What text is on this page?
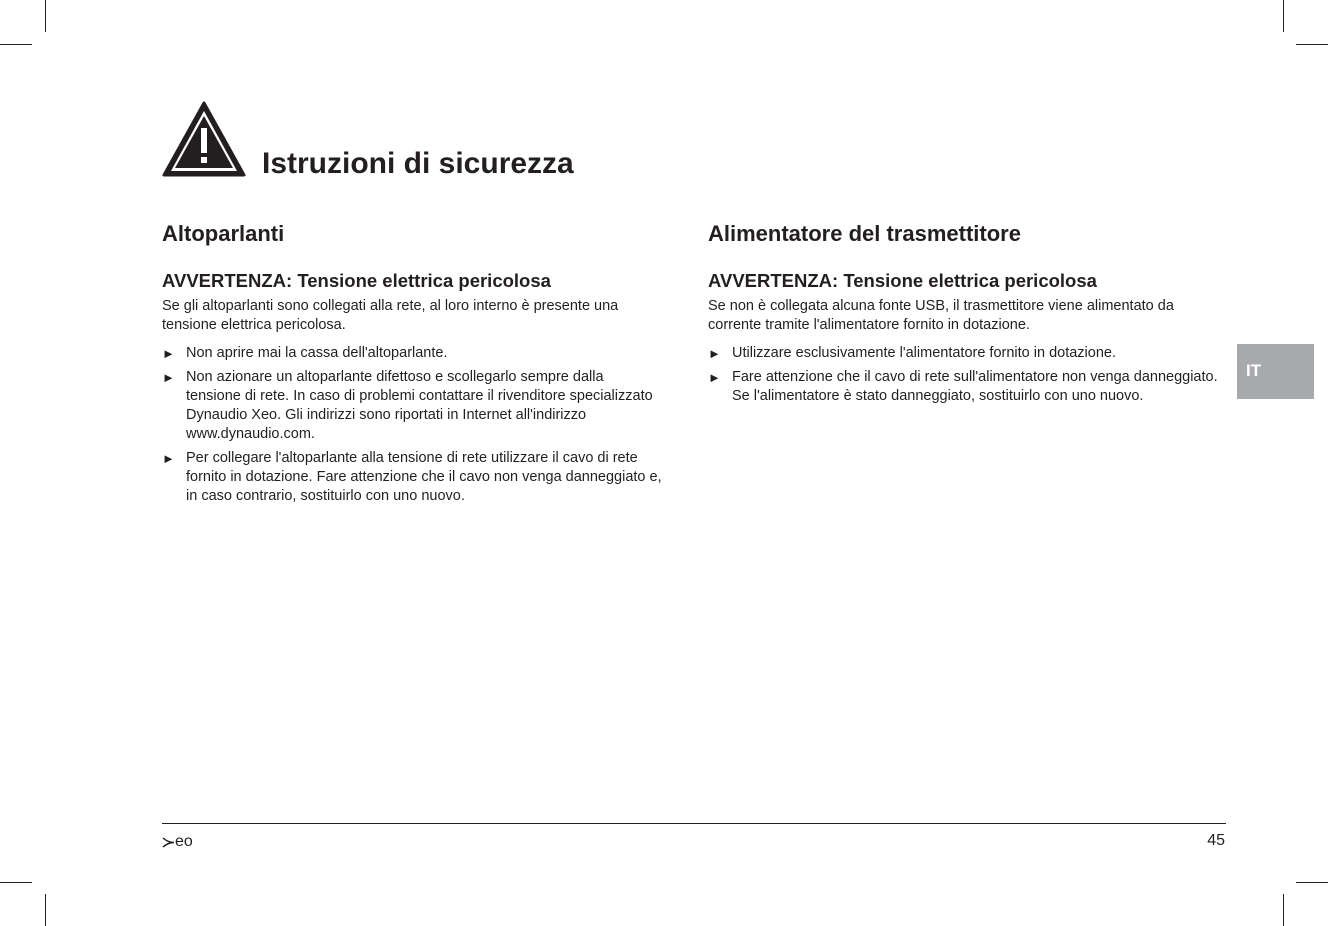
Istruzioni di sicurezza
Altoparlanti
AVVERTENZA: Tensione elettrica pericolosa

Se gli altoparlanti sono collegati alla rete, al loro interno è presente una tensione elettrica pericolosa.

► Non aprire mai la cassa dell'altoparlante.
► Non azionare un altoparlante difettoso e scollegarlo sempre dalla tensione di rete. In caso di problemi contattare il rivenditore specializzato Dynaudio Xeo. Gli indirizzi sono riportati in Internet all'indirizzo www.dynaudio.com.
► Per collegare l'altoparlante alla tensione di rete utilizzare il cavo di rete fornito in dotazione. Fare attenzione che il cavo non venga danneggiato e, in caso contrario, sostituirlo con uno nuovo.
Alimentatore del trasmettitore
AVVERTENZA: Tensione elettrica pericolosa

Se non è collegata alcuna fonte USB, il trasmettitore viene alimentato da corrente tramite l'alimentatore fornito in dotazione.

► Utilizzare esclusivamente l'alimentatore fornito in dotazione.
► Fare attenzione che il cavo di rete sull'alimentatore non venga danneggiato. Se l'alimentatore è stato danneggiato, sostituirlo con uno nuovo.
IT
eo	45
